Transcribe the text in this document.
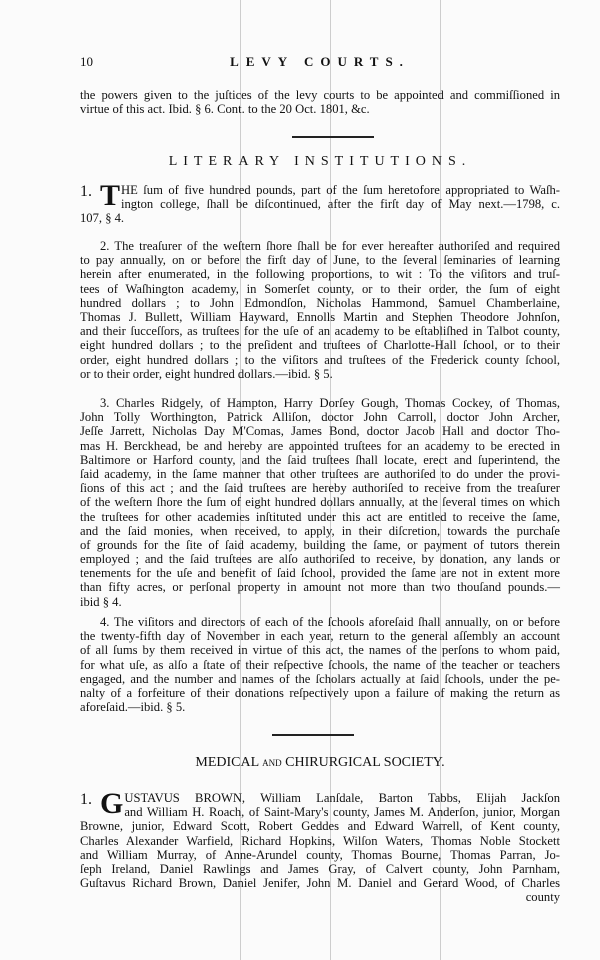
10	LEVY COURTS.
the powers given to the juſtices of the levy courts to be appointed and commiſſioned in
virtue of this act. Ibid. § 6. Cont. to the 20 Oct. 1801, &c.
LITERARY INSTITUTIONS.
1. T HE ſum of five hundred pounds, part of the ſum heretofore appropriated to Waſh-
ington college, ſhall be diſcontinued, after the firſt day of May next.—1798, c.
107, § 4.
2. The treaſurer of the weſtern ſhore ſhall be for ever hereafter authoriſed and required
to pay annually, on or before the firſt day of June, to the ſeveral ſeminaries of learning
herein after enumerated, in the following proportions, to wit : To the viſitors and truſ-
tees of Waſhington academy, in Somerſet county, or to their order, the ſum of eight
hundred dollars ; to John Edmondſon, Nicholas Hammond, Samuel Chamberlaine,
Thomas J. Bullett, William Hayward, Ennolls Martin and Stephen Theodore Johnſon,
and their ſucceſſors, as truſtees for the uſe of an academy to be eſtabliſhed in Talbot county,
eight hundred dollars ; to the preſident and truſtees of Charlotte-Hall ſchool, or to their
order, eight hundred dollars ; to the viſitors and truſtees of the Frederick county ſchool,
or to their order, eight hundred dollars.—ibid. § 5.
3. Charles Ridgely, of Hampton, Harry Dorſey Gough, Thomas Cockey, of Thomas,
John Tolly Worthington, Patrick Alliſon, doctor John Carroll, doctor John Archer,
Jeſſe Jarrett, Nicholas Day M'Comas, James Bond, doctor Jacob Hall and doctor Tho-
mas H. Berckhead, be and hereby are appointed truſtees for an academy to be erected in
Baltimore or Harford county, and the ſaid truſtees ſhall locate, erect and ſuperintend, the
ſaid academy, in the ſame manner that other truſtees are authoriſed to do under the provi-
ſions of this act ; and the ſaid truſtees are hereby authoriſed to receive from the treaſurer
of the weſtern ſhore the ſum of eight hundred dollars annually, at the ſeveral times on which
the truſtees for other academies inſtituted under this act are entitled to receive the ſame,
and the ſaid monies, when received, to apply, in their diſcretion, towards the purchaſe
of grounds for the ſite of ſaid academy, building the ſame, or payment of tutors therein
employed ; and the ſaid truſtees are alſo authoriſed to receive, by donation, any lands or
tenements for the uſe and benefit of ſaid ſchool, provided the ſame are not in extent more
than fifty acres, or perſonal property in amount not more than two thouſand pounds.—
ibid § 4.
4. The viſitors and directors of each of the ſchools aforeſaid ſhall annually, on or before
the twenty-fifth day of November in each year, return to the general aſſembly an account
of all ſums by them received in virtue of this act, the names of the perſons to whom paid,
for what uſe, as alſo a ſtate of their reſpective ſchools, the name of the teacher or teachers
engaged, and the number and names of the ſcholars actually at ſaid ſchools, under the pe-
nalty of a forfeiture of their donations reſpectively upon a failure of making the return as
aforeſaid.—ibid. § 5.
MEDICAL AND CHIRURGICAL SOCIETY.
1. G USTAVUS BROWN, William Lanſdale, Barton Tabbs, Elijah Jackſon
and William H. Roach, of Saint-Mary's county, James M. Anderſon, junior, Morgan
Browne, junior, Edward Scott, Robert Geddes and Edward Warrell, of Kent county,
Charles Alexander Warfield, Richard Hopkins, Wilſon Waters, Thomas Noble Stockett
and William Murray, of Anne-Arundel county, Thomas Bourne, Thomas Parran, Jo-
ſeph Ireland, Daniel Rawlings and James Gray, of Calvert county, John Parnham,
Guſtavus Richard Brown, Daniel Jenifer, John M. Daniel and Gerard Wood, of Charles
county
